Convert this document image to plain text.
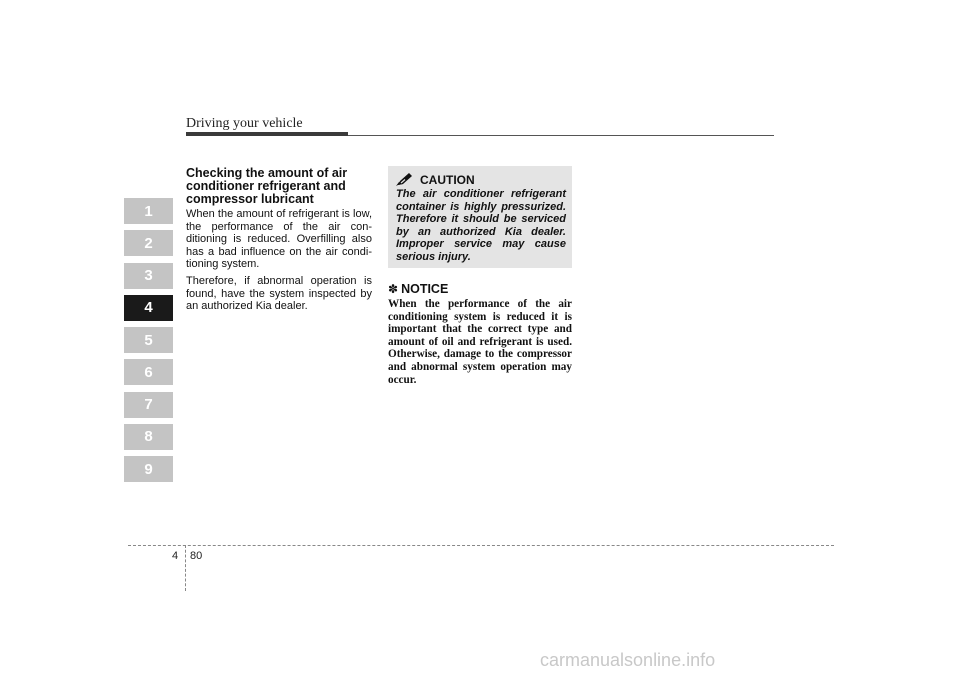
Driving your vehicle
1
2
3
4
5
6
7
8
9
Checking the amount of air conditioner refrigerant and compressor lubricant

When the amount of refrigerant is low, the performance of the air con-ditioning is reduced. Overfilling also has a bad influence on the air condi-tioning system.

Therefore, if abnormal operation is found, have the system inspected by an authorized Kia dealer.

CAUTION

The air conditioner refrigerant container is highly pressurized. Therefore it should be serviced by an authorized Kia dealer. Improper service may cause serious injury.

✽ NOTICE

When the performance of the air conditioning system is reduced it is important that the correct type and amount of oil and refrigerant is used. Otherwise, damage to the compressor and abnormal system operation may occur.

4 80
carmanualsonline.info
